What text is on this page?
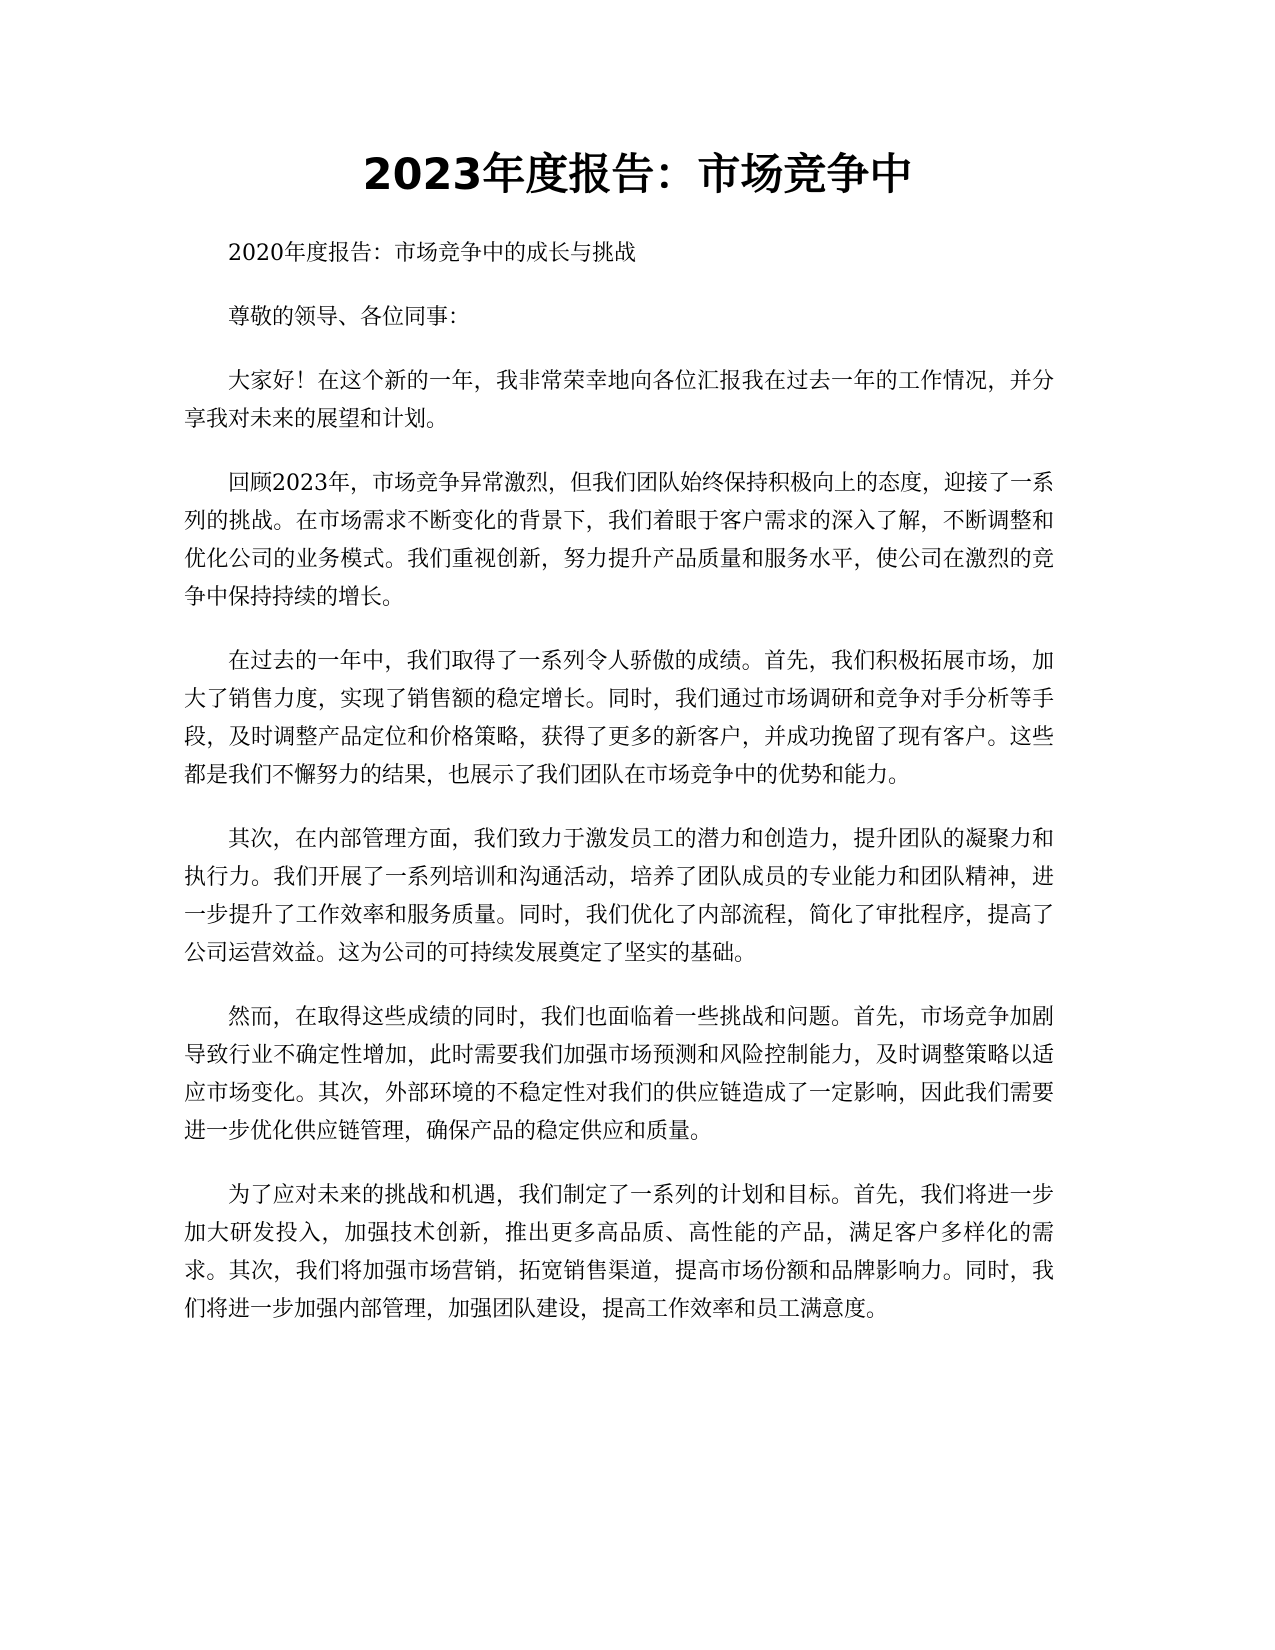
2023年度报告：市场竞争中

2020年度报告：市场竞争中的成长与挑战

尊敬的领导、各位同事：

大家好！在这个新的一年，我非常荣幸地向各位汇报我在过去一年的工作情况，并分享我对未来的展望和计划。

回顾2023年，市场竞争异常激烈，但我们团队始终保持积极向上的态度，迎接了一系列的挑战。在市场需求不断变化的背景下，我们着眼于客户需求的深入了解，不断调整和优化公司的业务模式。我们重视创新，努力提升产品质量和服务水平，使公司在激烈的竞争中保持持续的增长。

在过去的一年中，我们取得了一系列令人骄傲的成绩。首先，我们积极拓展市场，加大了销售力度，实现了销售额的稳定增长。同时，我们通过市场调研和竞争对手分析等手段，及时调整产品定位和价格策略，获得了更多的新客户，并成功挽留了现有客户。这些都是我们不懈努力的结果，也展示了我们团队在市场竞争中的优势和能力。

其次，在内部管理方面，我们致力于激发员工的潜力和创造力，提升团队的凝聚力和执行力。我们开展了一系列培训和沟通活动，培养了团队成员的专业能力和团队精神，进一步提升了工作效率和服务质量。同时，我们优化了内部流程，简化了审批程序，提高了公司运营效益。这为公司的可持续发展奠定了坚实的基础。

然而，在取得这些成绩的同时，我们也面临着一些挑战和问题。首先，市场竞争加剧导致行业不确定性增加，此时需要我们加强市场预测和风险控制能力，及时调整策略以适应市场变化。其次，外部环境的不稳定性对我们的供应链造成了一定影响，因此我们需要进一步优化供应链管理，确保产品的稳定供应和质量。

为了应对未来的挑战和机遇，我们制定了一系列的计划和目标。首先，我们将进一步加大研发投入，加强技术创新，推出更多高品质、高性能的产品，满足客户多样化的需求。其次，我们将加强市场营销，拓宽销售渠道，提高市场份额和品牌影响力。同时，我们将进一步加强内部管理，加强团队建设，提高工作效率和员工满意度。
